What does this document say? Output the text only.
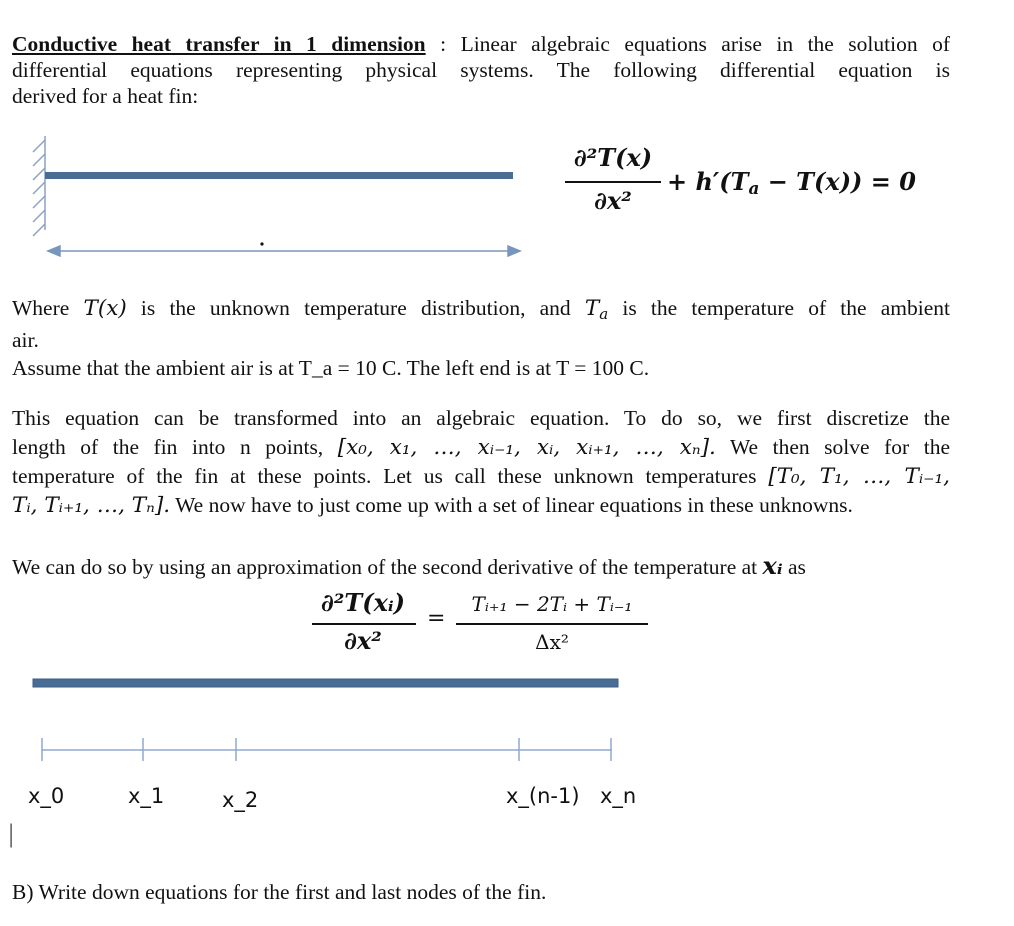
Conductive heat transfer in 1 dimension : Linear algebraic equations arise in the solution of
differential equations representing physical systems. The following differential equation is
derived for a heat fin:
∂²T(x)
∂x²
+ $h'(T_a - T(x)) = 0$
Where T(x) is the unknown temperature distribution, and $T_a$ is the temperature of the ambient
air.
Assume that the ambient air is at T_a = 10 C. The left end is at T = 100 C.
This equation can be transformed into an algebraic equation. To do so, we first discretize the
length of the fin into n points, [x₀, x₁, …, xᵢ₋₁, xᵢ, xᵢ₊₁, …, xₙ]. We then solve for the
temperature of the fin at these points. Let us call these unknown temperatures [T₀, T₁, …, Tᵢ₋₁,
Tᵢ, Tᵢ₊₁, …, Tₙ]. We now have to just come up with a set of linear equations in these unknowns.
We can do so by using an approximation of the second derivative of the temperature at xᵢ as
∂²T(xᵢ)
∂x²
=
Tᵢ₊₁ − 2Tᵢ + Tᵢ₋₁
Δx²
x_0	x_1	x_2	x_(n-1) x_n
|
B) Write down equations for the first and last nodes of the fin.
